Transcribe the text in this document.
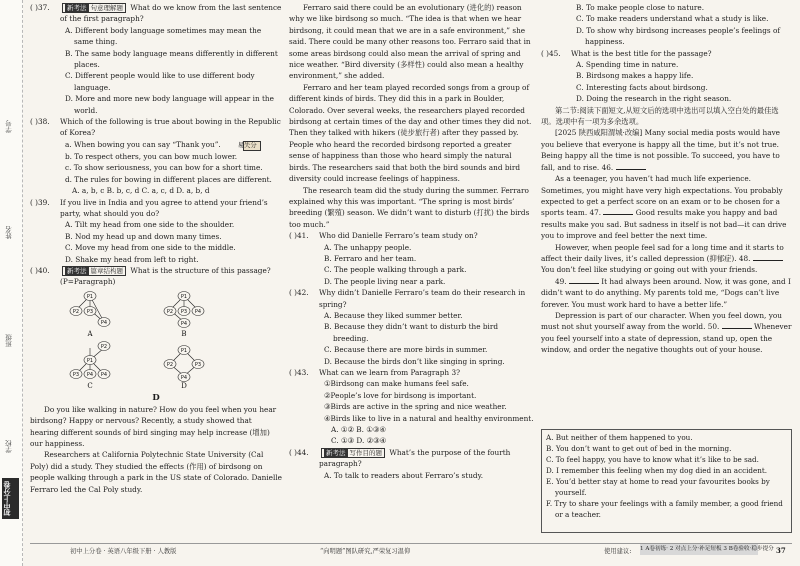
学号
姓名
班级
学校
初中上分卷
( )37.	新考法 句意理解题 What do we know from the last sentence of the first paragraph?

A. Different body language sometimes may mean the same thing.

B. The same body language means differently in different places.

C. Different people would like to use different body language.

D. More and more new body language will appear in the world.

( )38.	Which of the following is true about bowing in the Republic of Korea?

a. When bowing you can say “Thank you”.	易失分

b. To respect others, you can bow much lower.

c. To show seriousness, you can bow for a short time.

d. The rules for bowing in different places are different.

A. a, b, c B. b, c, d C. a, c, d D. a, b, d

( )39.	If you live in India and you agree to attend your friend’s party, what should you do?

A. Tilt my head from one side to the shoulder.

B. Nod my head up and down many times.

C. Move my head from one side to the middle.

D. Shake my head from left to right.

( )40.	新考法 篇章结构题 What is the structure of this passage? (P=Paragraph)
P1
P2 P3
P4
P1
P2 P3 P4
P4
P2
P1
P3 P4 P4
P1
P2	P3
P4
A	B
C	D

D

Do you like walking in nature? How do you feel when you hear birdsong? Happy or nervous? Recently, a study showed that hearing different sounds of bird singing may help increase (增加) our happiness.

Researchers at California Polytechnic State University (Cal Poly) did a study. They studied the effects (作用) of birdsong on people walking through a park in the US state of Colorado. Danielle Ferraro led the Cal Poly study.

Ferraro said there could be an evolutionary (进化的) reason why we like birdsong so much. “The idea is that when we hear birdsong, it could mean that we are in a safe environment,” she said. There could be many other reasons too. Ferraro said that in some areas birdsong could also mean the arrival of spring and nice weather. “Bird diversity (多样性) could also mean a healthy environment,” she added.

Ferraro and her team played recorded songs from a group of different kinds of birds. They did this in a park in Boulder, Colorado. Over several weeks, the researchers played recorded birdsong at certain times of the day and other times they did not. Then they talked with hikers (徒步旅行者) after they passed by. People who heard the recorded birdsong reported a greater sense of happiness than those who heard simply the natural birds. The researchers said that both the bird sounds and bird diversity could increase feelings of happiness.

The research team did the study during the summer. Ferraro explained why this was important. “The spring is most birds’ breeding (繁殖) season. We didn’t want to disturb (打扰) the birds too much.”

( )41.	Who did Danielle Ferraro’s team study on?

A. The unhappy people.

B. Ferraro and her team.

C. The people walking through a park.

D. The people living near a park.

( )42.	Why didn’t Danielle Ferraro’s team do their research in spring?

A. Because they liked summer better.

B. Because they didn’t want to disturb the bird breeding.

C. Because there are more birds in summer.

D. Because the birds don’t like singing in spring.

( )43.	What can we learn from Paragraph 3?

①Birdsong can make humans feel safe.

②People’s love for birdsong is important.

③Birds are active in the spring and nice weather.

④Birds like to live in a natural and healthy environment.

A. ①② B. ①③④

C. ①③ D. ②③④

( )44.	新考法 写作目的题 What’s the purpose of the fourth paragraph?

A. To talk to readers about Ferraro’s study.

B. To make people close to nature.

C. To make readers understand what a study is like.

D. To show why birdsong increases people’s feelings of happiness.

( )45.	What is the best title for the passage?

A. Spending time in nature.

B. Birdsong makes a happy life.

C. Interesting facts about birdsong.

D. Doing the research in the right season.

第二节:阅读下面短文,从短文后的选项中选出可以填入空白处的最佳选项。选项中有一项为多余选项。

[2025 陕西咸阳渭城·改编] Many social media posts would have you believe that everyone is happy all the time, but it’s not true. Being happy all the time is not possible. To succeed, you have to fall, and to rise. 46.

As a teenager, you haven’t had much life experience. Sometimes, you might have very high expectations. You probably expected to get a perfect score on an exam or to be chosen for a sports team. 47.	Good results make you happy and bad results make you sad. But sadness in itself is not bad—it can drive you to improve and feel better the next time.

However, when people feel sad for a long time and it starts to affect their daily lives, it’s called depression (抑郁症). 48.  You don’t feel like studying or going out with your friends.

49.	It had always been around. Now, it was gone, and I didn’t want to do anything. My parents told me, “Dogs can’t live forever. You must work hard to have a better life.”

Depression is part of our character. When you feel down, you must not shut yourself away from the world. 50.	Whenever you feel yourself into a state of depression, stand up, open the window, and order the negative thoughts out of your house.

A. But neither of them happened to you.

B. You don’t want to get out of bed in the morning.

C. To feel happy, you have to know what it’s like to be sad.

D. I remember this feeling when my dog died in an accident.

E. You’d better stay at home to read your favourites books by yourself.

F. Try to share your feelings with a family member, a good friend or a teacher.

初中上分卷 · 英语八年级下册 · 人教版	“向明题”图队研究,严荣复习温仰	使用建议: 1 A卷初练· 2 对点上分·补足短板 3 B卷验收·稳步提分 37
